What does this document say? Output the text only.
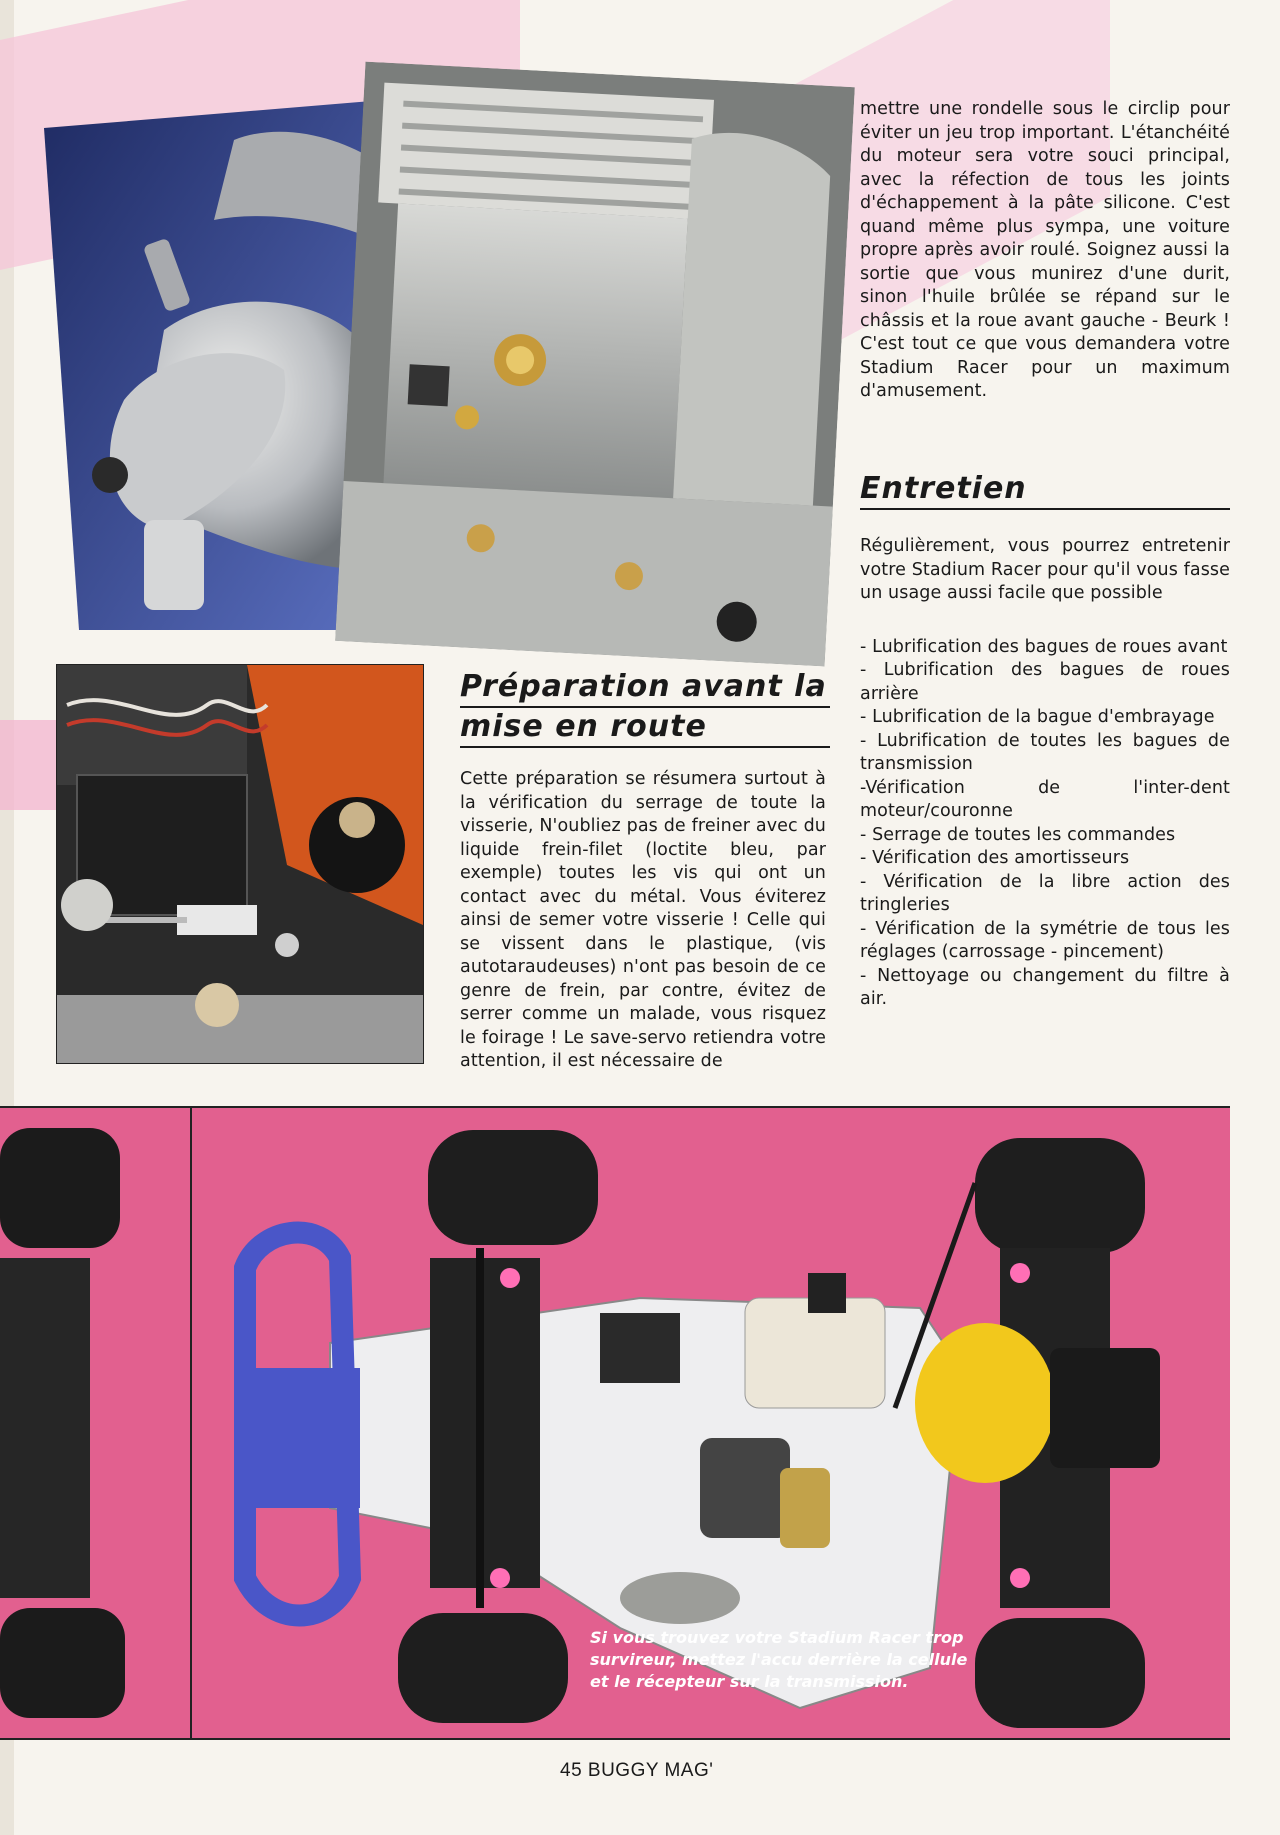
mettre une rondelle sous le circlip pour éviter un jeu trop important. L'étanchéité du moteur sera votre souci principal, avec la réfection de tous les joints d'échappement à la pâte silicone. C'est quand même plus sympa, une voiture propre après avoir roulé. Soignez aussi la sortie que vous munirez d'une durit, sinon l'huile brûlée se répand sur le châssis et la roue avant gauche - Beurk ! C'est tout ce que vous demandera votre Stadium Racer pour un maximum d'amusement.

Entretien

Régulièrement, vous pourrez entretenir votre Stadium Racer pour qu'il vous fasse un usage aussi facile que possible

- Lubrification des bagues de roues avant
- Lubrification des bagues de roues arrière
- Lubrification de la bague d'embrayage
- Lubrification de toutes les bagues de transmission
-Vérification de l'inter-dent moteur/couronne
- Serrage de toutes les commandes
- Vérification des amortisseurs
- Vérification de la libre action des tringleries
- Vérification de la symétrie de tous les réglages (carrossage - pincement)
- Nettoyage ou changement du filtre à air.
Préparation avant la
mise en route

Cette préparation se résumera surtout à la vérification du serrage de toute la visserie, N'oubliez pas de freiner avec du liquide frein-filet (loctite bleu, par exemple) toutes les vis qui ont un contact avec du métal. Vous éviterez ainsi de semer votre visserie ! Celle qui se vissent dans le plastique, (vis autotaraudeuses) n'ont pas besoin de ce genre de frein, par contre, évitez de serrer comme un malade, vous risquez le foirage ! Le save-servo retiendra votre attention, il est nécessaire de

Si vous trouvez votre Stadium Racer trop survireur, mettez l'accu derrière la cellule et le récepteur sur la transmission.
45 BUGGY MAG'
